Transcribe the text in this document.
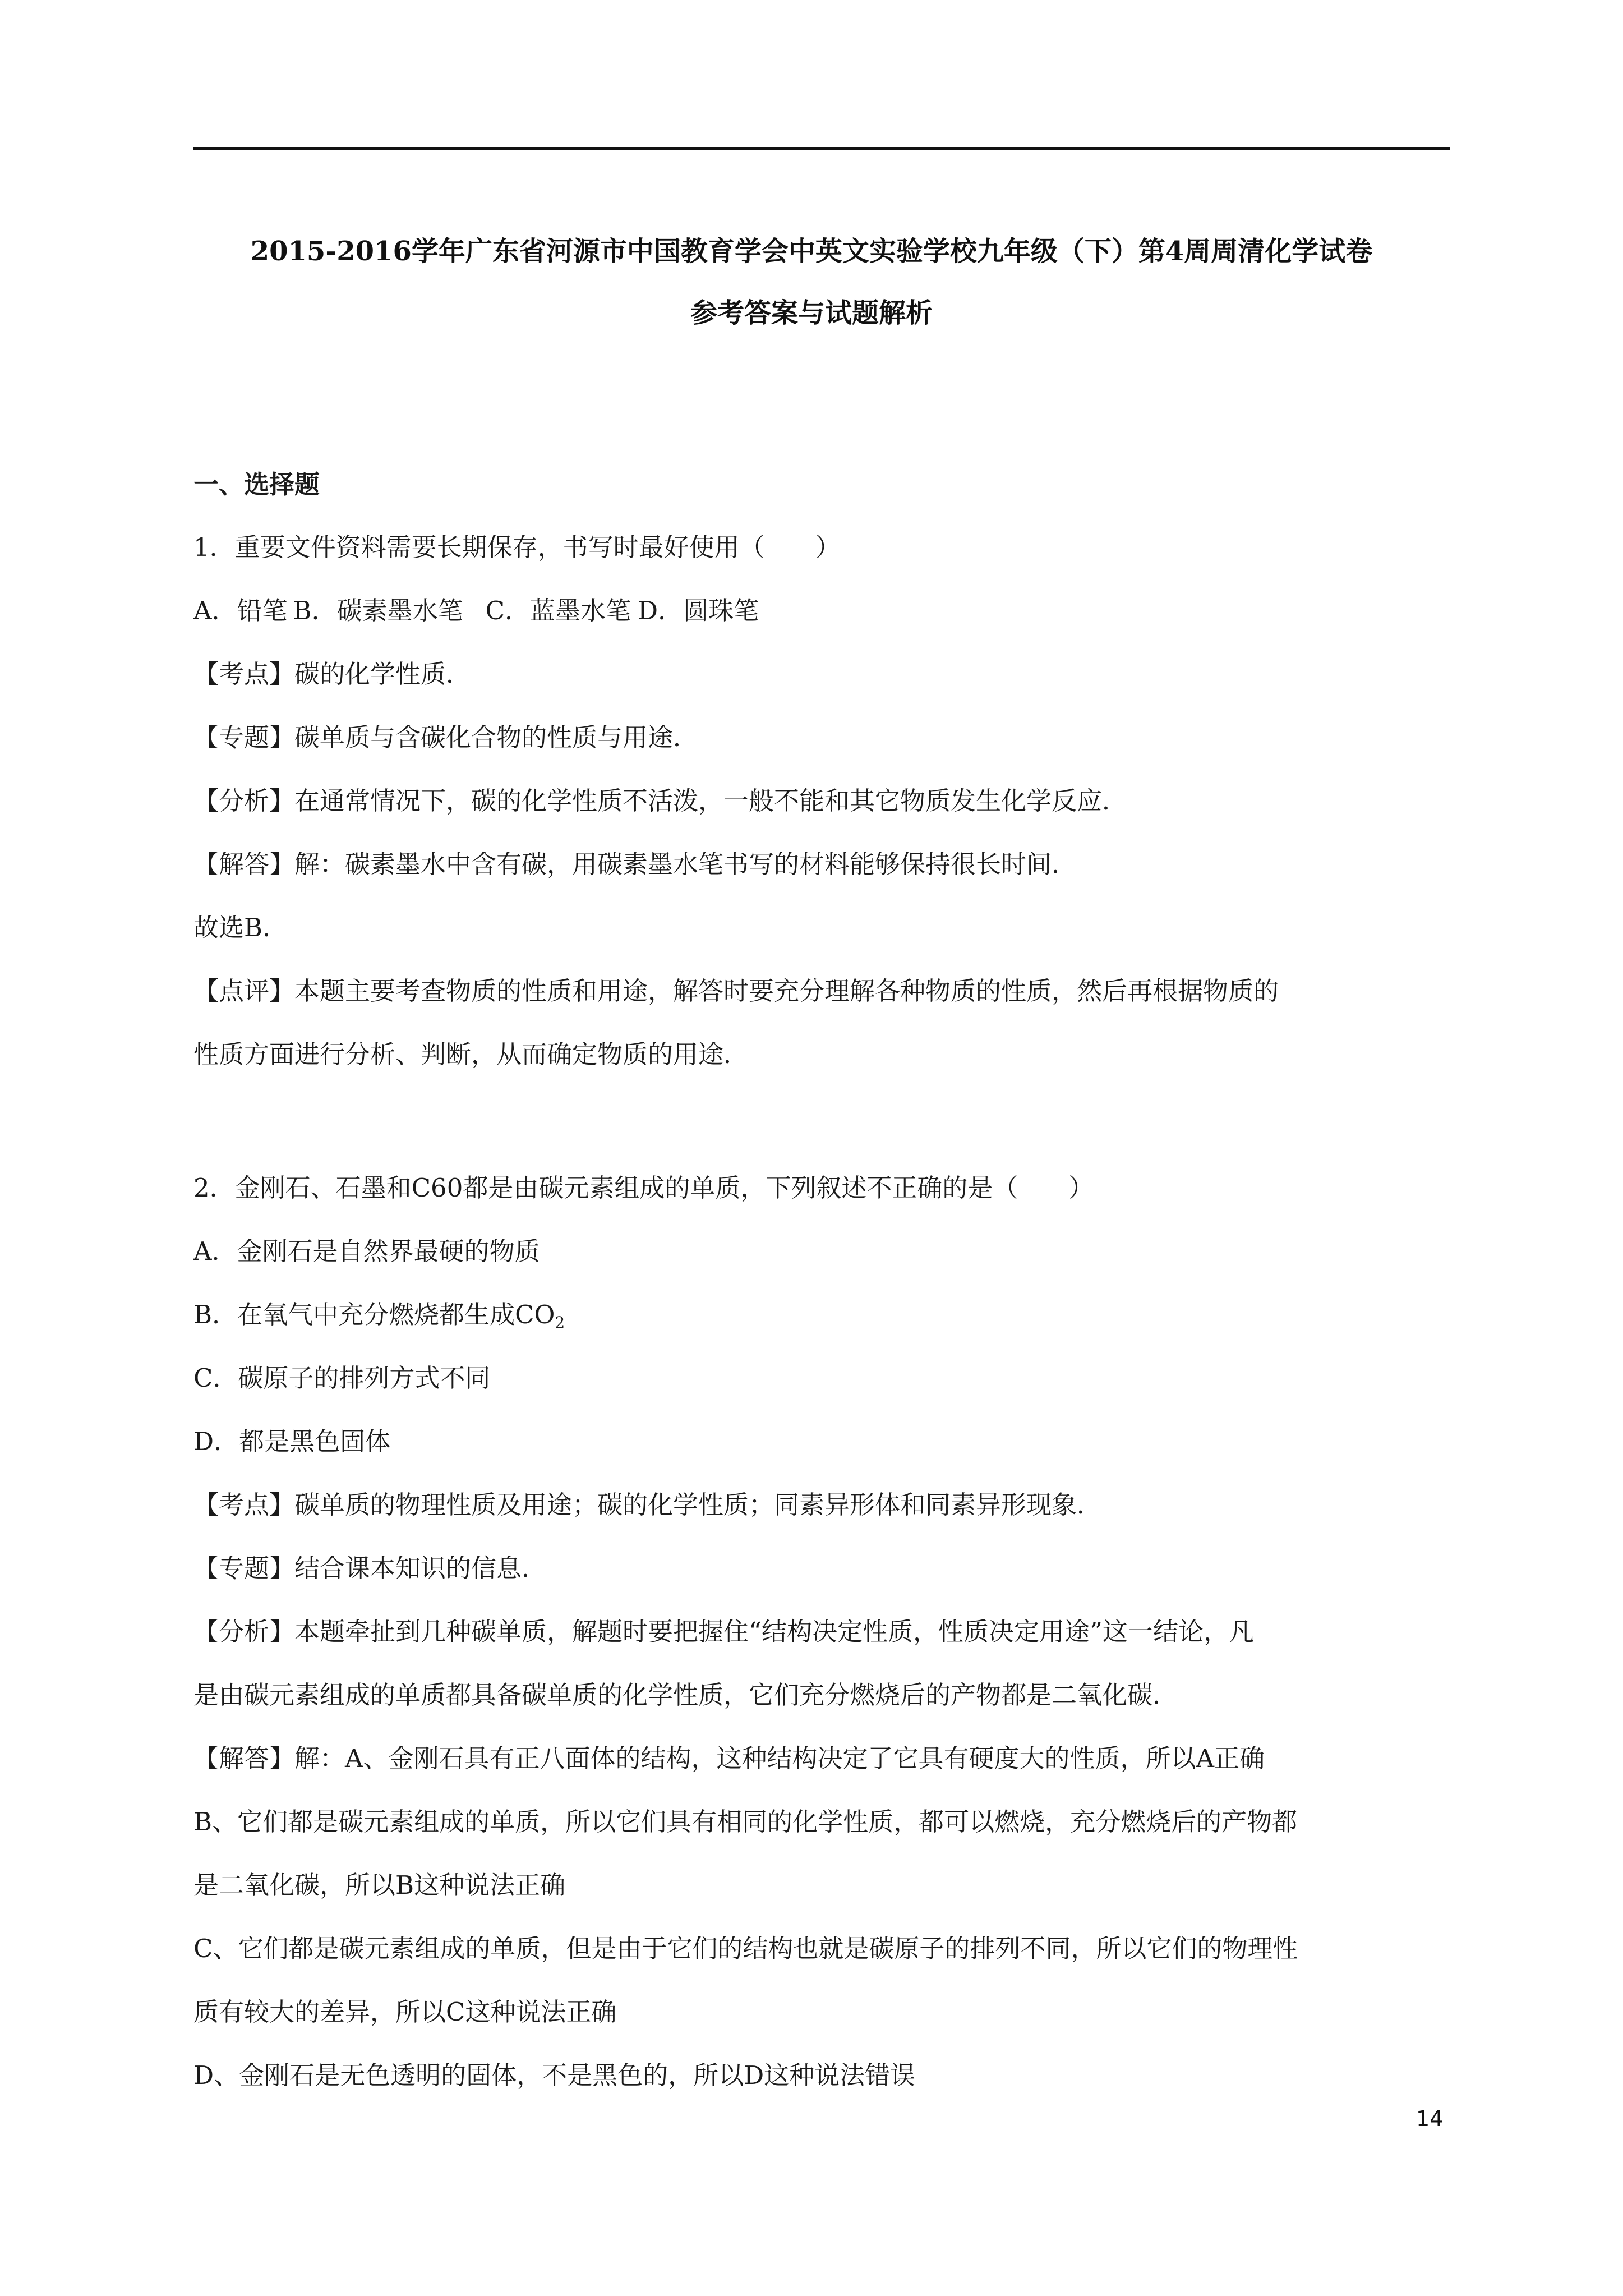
2015-2016学年广东省河源市中国教育学会中英文实验学校九年级（下）第4周周清化学试卷
参考答案与试题解析
一、选择题
1．重要文件资料需要长期保存，书写时最好使用（　　）
A．铅笔 B．碳素墨水笔 C．蓝墨水笔 D．圆珠笔
【考点】碳的化学性质．
【专题】碳单质与含碳化合物的性质与用途．
【分析】在通常情况下，碳的化学性质不活泼，一般不能和其它物质发生化学反应．
【解答】解：碳素墨水中含有碳，用碳素墨水笔书写的材料能够保持很长时间．
故选B．
【点评】本题主要考查物质的性质和用途，解答时要充分理解各种物质的性质，然后再根据物质的
性质方面进行分析、判断，从而确定物质的用途．
2．金刚石、石墨和C60都是由碳元素组成的单质，下列叙述不正确的是（　　）
A．金刚石是自然界最硬的物质
B．在氧气中充分燃烧都生成$CO_2$
C．碳原子的排列方式不同
D．都是黑色固体
【考点】碳单质的物理性质及用途；碳的化学性质；同素异形体和同素异形现象．
【专题】结合课本知识的信息．
【分析】本题牵扯到几种碳单质，解题时要把握住“结构决定性质，性质决定用途”这一结论，凡
是由碳元素组成的单质都具备碳单质的化学性质，它们充分燃烧后的产物都是二氧化碳．
【解答】解：A、金刚石具有正八面体的结构，这种结构决定了它具有硬度大的性质，所以A正确
B、它们都是碳元素组成的单质，所以它们具有相同的化学性质，都可以燃烧，充分燃烧后的产物都
是二氧化碳，所以B这种说法正确
C、它们都是碳元素组成的单质，但是由于它们的结构也就是碳原子的排列不同，所以它们的物理性
质有较大的差异，所以C这种说法正确
D、金刚石是无色透明的固体，不是黑色的，所以D这种说法错误
14
